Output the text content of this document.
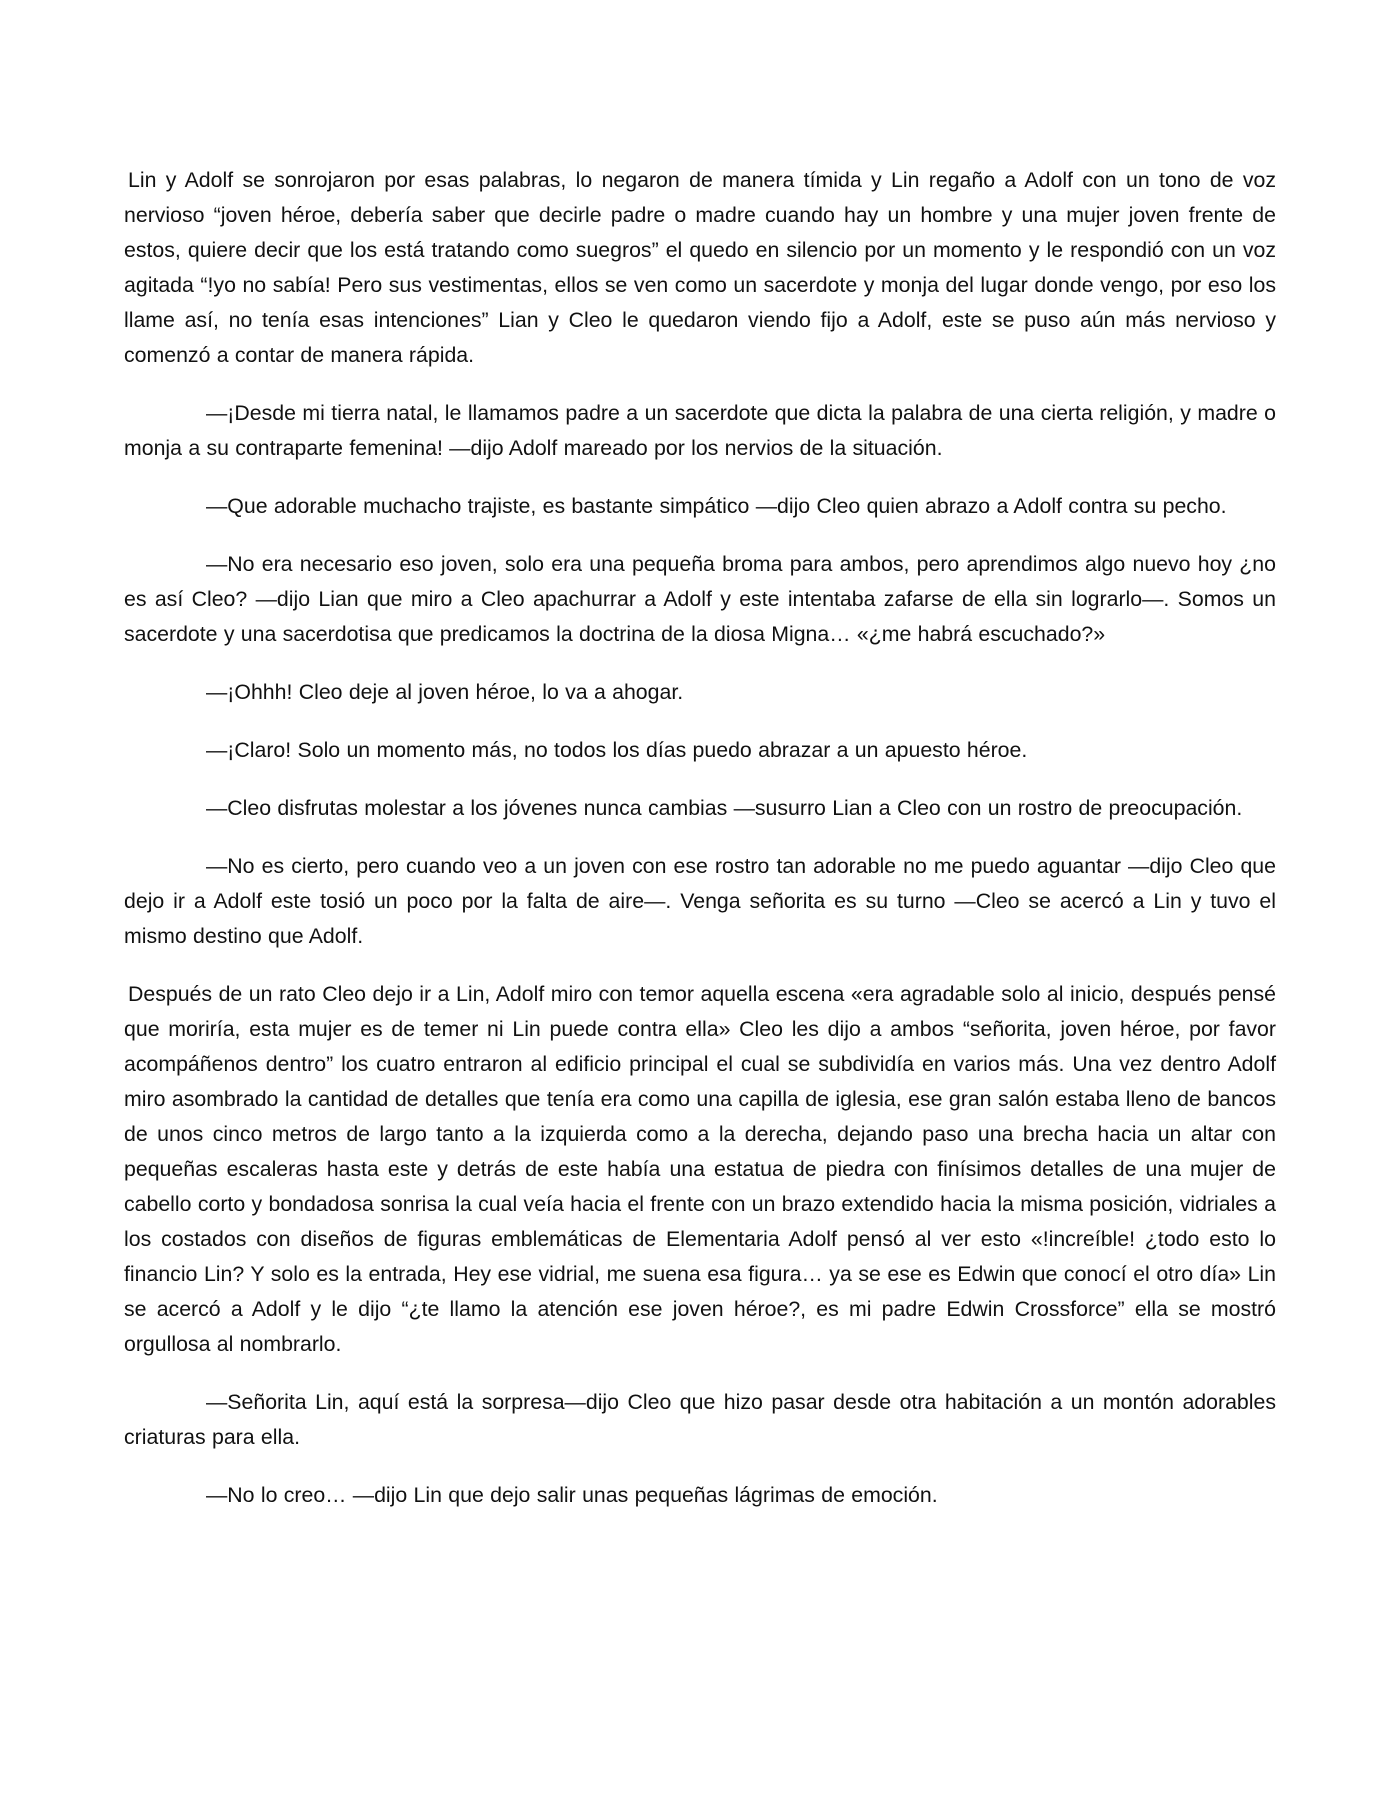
Lin y Adolf se sonrojaron por esas palabras, lo negaron de manera tímida y Lin regaño a Adolf con un tono de voz nervioso “joven héroe, debería saber que decirle padre o madre cuando hay un hombre y una mujer joven frente de estos, quiere decir que los está tratando como suegros” el quedo en silencio por un momento y le respondió con un voz agitada “!yo no sabía! Pero sus vestimentas, ellos se ven como un sacerdote y monja del lugar donde vengo, por eso los llame así, no tenía esas intenciones” Lian y Cleo le quedaron viendo fijo a Adolf, este se puso aún más nervioso y comenzó a contar de manera rápida.

—¡Desde mi tierra natal, le llamamos padre a un sacerdote que dicta la palabra de una cierta religión, y madre o monja a su contraparte femenina! —dijo Adolf mareado por los nervios de la situación.

—Que adorable muchacho trajiste, es bastante simpático —dijo Cleo quien abrazo a Adolf contra su pecho.

—No era necesario eso joven, solo era una pequeña broma para ambos, pero aprendimos algo nuevo hoy ¿no es así Cleo? —dijo Lian que miro a Cleo apachurrar a Adolf y este intentaba zafarse de ella sin lograrlo—. Somos un sacerdote y una sacerdotisa que predicamos la doctrina de la diosa Migna… «¿me habrá escuchado?»

—¡Ohhh! Cleo deje al joven héroe, lo va a ahogar.

—¡Claro! Solo un momento más, no todos los días puedo abrazar a un apuesto héroe.

—Cleo disfrutas molestar a los jóvenes nunca cambias —susurro Lian a Cleo con un rostro de preocupación.

—No es cierto, pero cuando veo a un joven con ese rostro tan adorable no me puedo aguantar —dijo Cleo que dejo ir a Adolf este tosió un poco por la falta de aire—. Venga señorita es su turno —Cleo se acercó a Lin y tuvo el mismo destino que Adolf.

Después de un rato Cleo dejo ir a Lin, Adolf miro con temor aquella escena «era agradable solo al inicio, después pensé que moriría, esta mujer es de temer ni Lin puede contra ella» Cleo les dijo a ambos “señorita, joven héroe, por favor acompáñenos dentro” los cuatro entraron al edificio principal el cual se subdividía en varios más. Una vez dentro Adolf miro asombrado la cantidad de detalles que tenía era como una capilla de iglesia, ese gran salón estaba lleno de bancos de unos cinco metros de largo tanto a la izquierda como a la derecha, dejando paso una brecha hacia un altar con pequeñas escaleras hasta este y detrás de este había una estatua de piedra con finísimos detalles de una mujer de cabello corto y bondadosa sonrisa la cual veía hacia el frente con un brazo extendido hacia la misma posición, vidriales a los costados con diseños de figuras emblemáticas de Elementaria Adolf pensó al ver esto «!increíble! ¿todo esto lo financio Lin? Y solo es la entrada, Hey ese vidrial, me suena esa figura… ya se ese es Edwin que conocí el otro día» Lin se acercó a Adolf y le dijo “¿te llamo la atención ese joven héroe?, es mi padre Edwin Crossforce” ella se mostró orgullosa al nombrarlo.

—Señorita Lin, aquí está la sorpresa—dijo Cleo que hizo pasar desde otra habitación a un montón adorables criaturas para ella.

—No lo creo… —dijo Lin que dejo salir unas pequeñas lágrimas de emoción.
